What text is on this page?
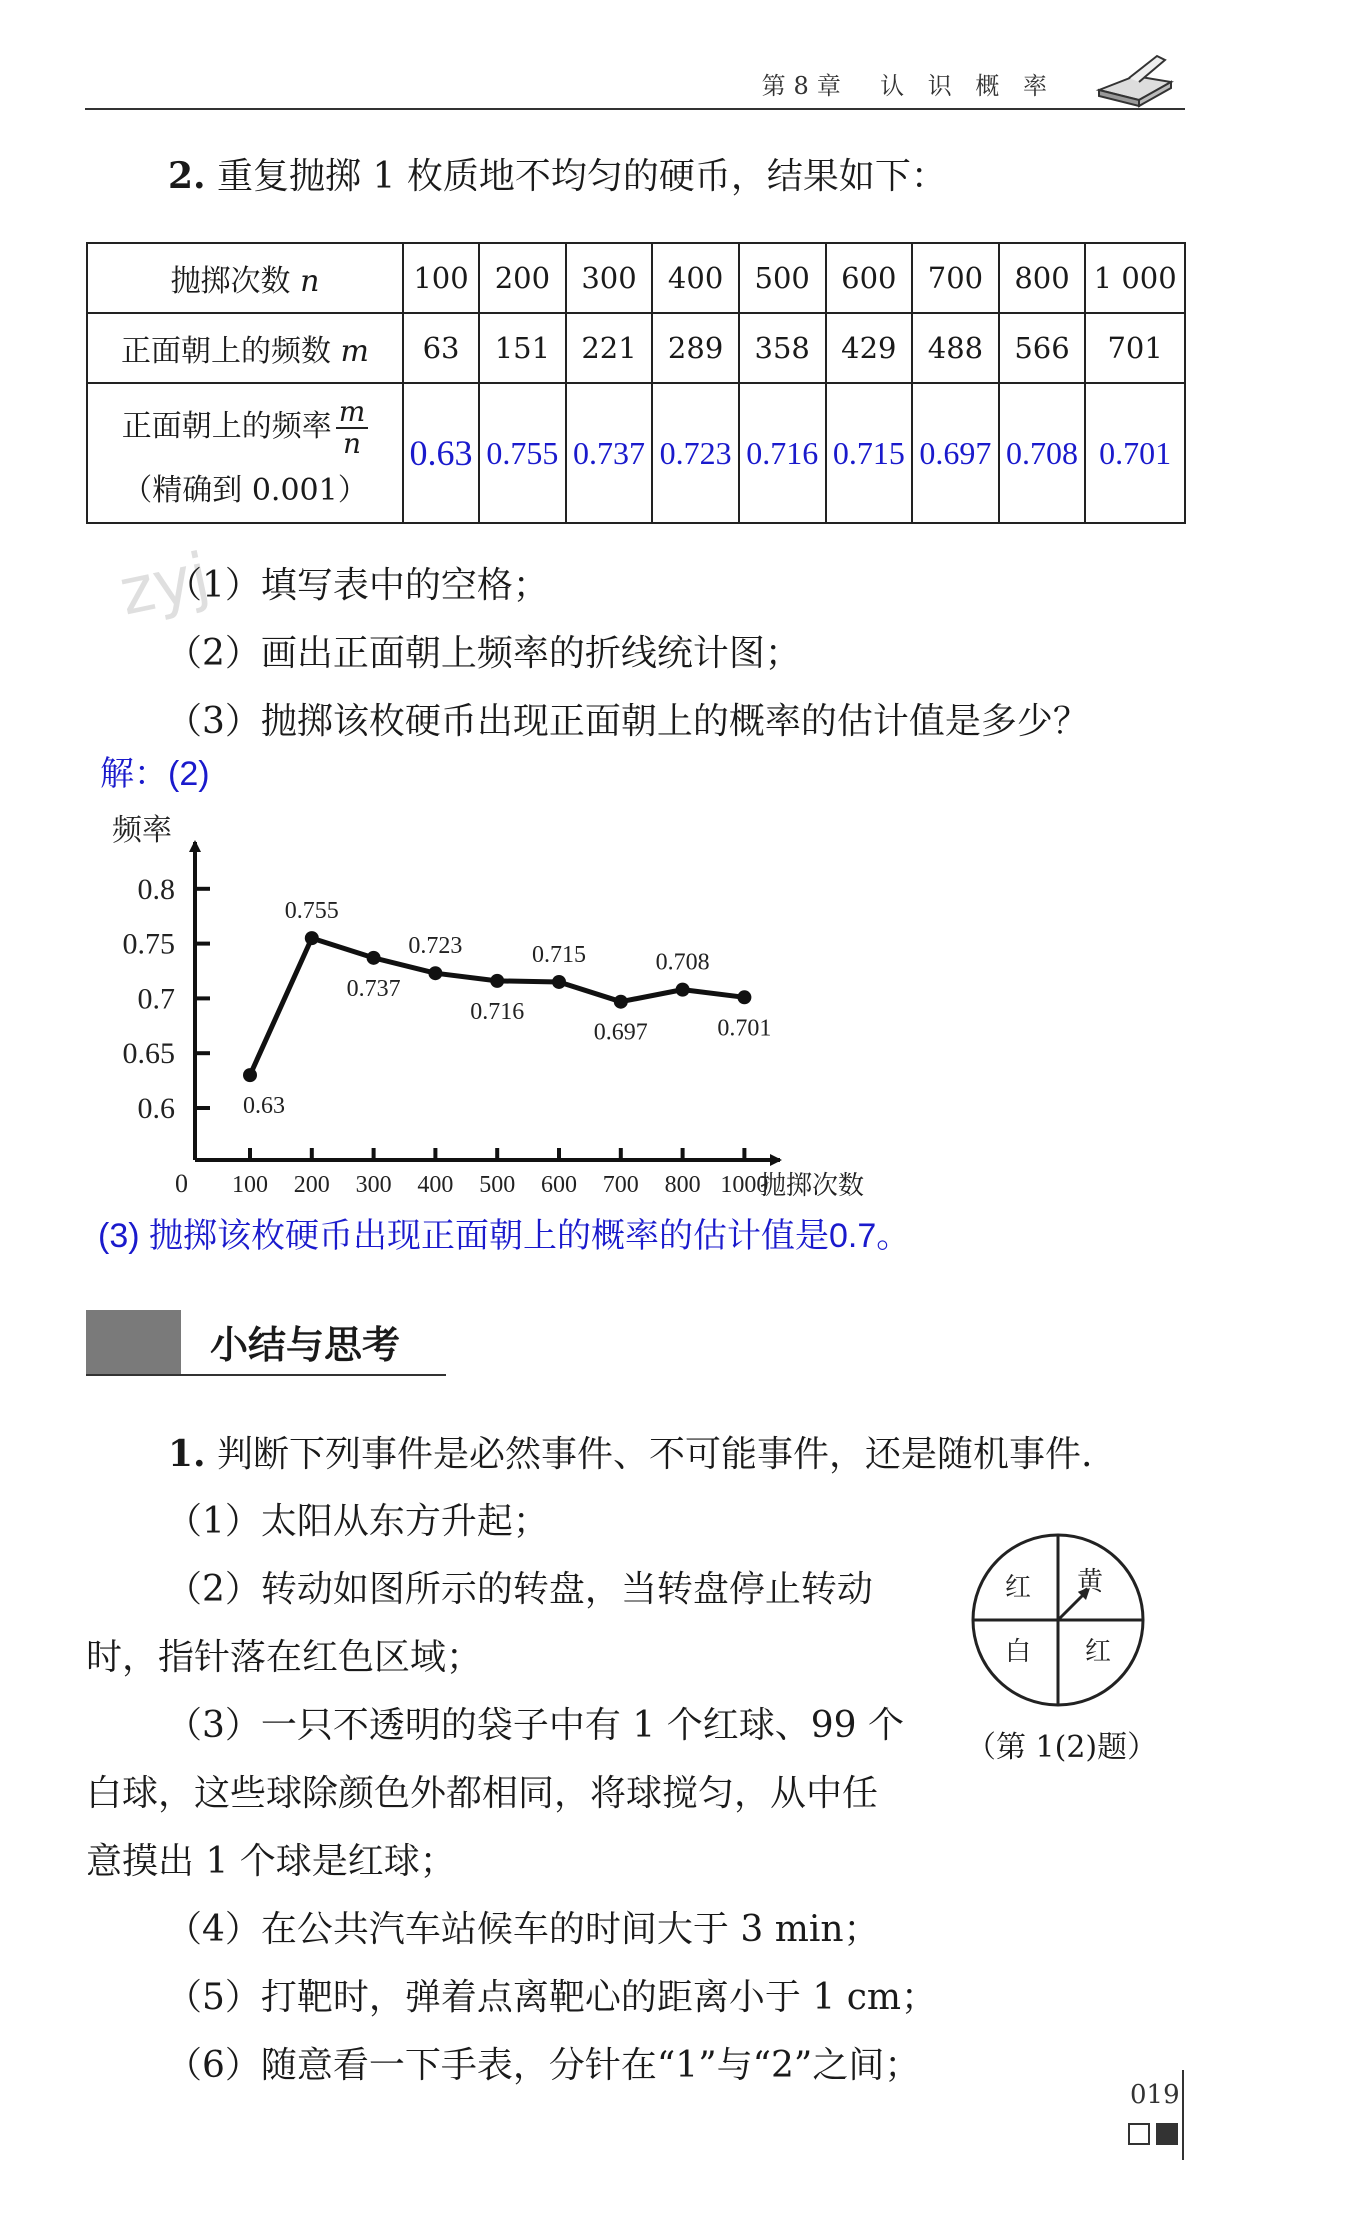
第8章 认 识 概 率
2. 重复抛掷 1 枚质地不均匀的硬币，结果如下：
抛掷次数 n	100	200	300	400	500	600	700	800	1 000
正面朝上的频数 m	63	151	221	289	358	429	488	566	701

正面朝上的频率 $\frac{m}{n}$
（精确到 0.001）	0.63	0.755	0.737	0.723	0.716	0.715	0.697	0.708	0.701
zyj
（1）填写表中的空格；
（2）画出正面朝上频率的折线统计图；
（3）抛掷该枚硬币出现正面朝上的概率的估计值是多少？
解：(2)
频率
0	抛掷次数
0.6
0.65
0.7
0.75
0.8
100 200 300 400 500 600 700 800 1000
0.63
0.755
0.737
0.723
0.716
0.715
0.697
0.708
0.701
(3) 抛掷该枚硬币出现正面朝上的概率的估计值是0.7。
小结与思考
1. 判断下列事件是必然事件、不可能事件，还是随机事件.
（1）太阳从东方升起；
（2）转动如图所示的转盘，当转盘停止转动
时，指针落在红色区域；
（3）一只不透明的袋子中有 1 个红球、99 个
白球，这些球除颜色外都相同，将球搅匀，从中任
意摸出 1 个球是红球；
（4）在公共汽车站候车的时间大于 3 min；
（5）打靶时，弹着点离靶心的距离小于 1 cm；
（6）随意看一下手表，分针在“1”与“2”之间；
红 黄
白 红
（第 1(2)题）
019
